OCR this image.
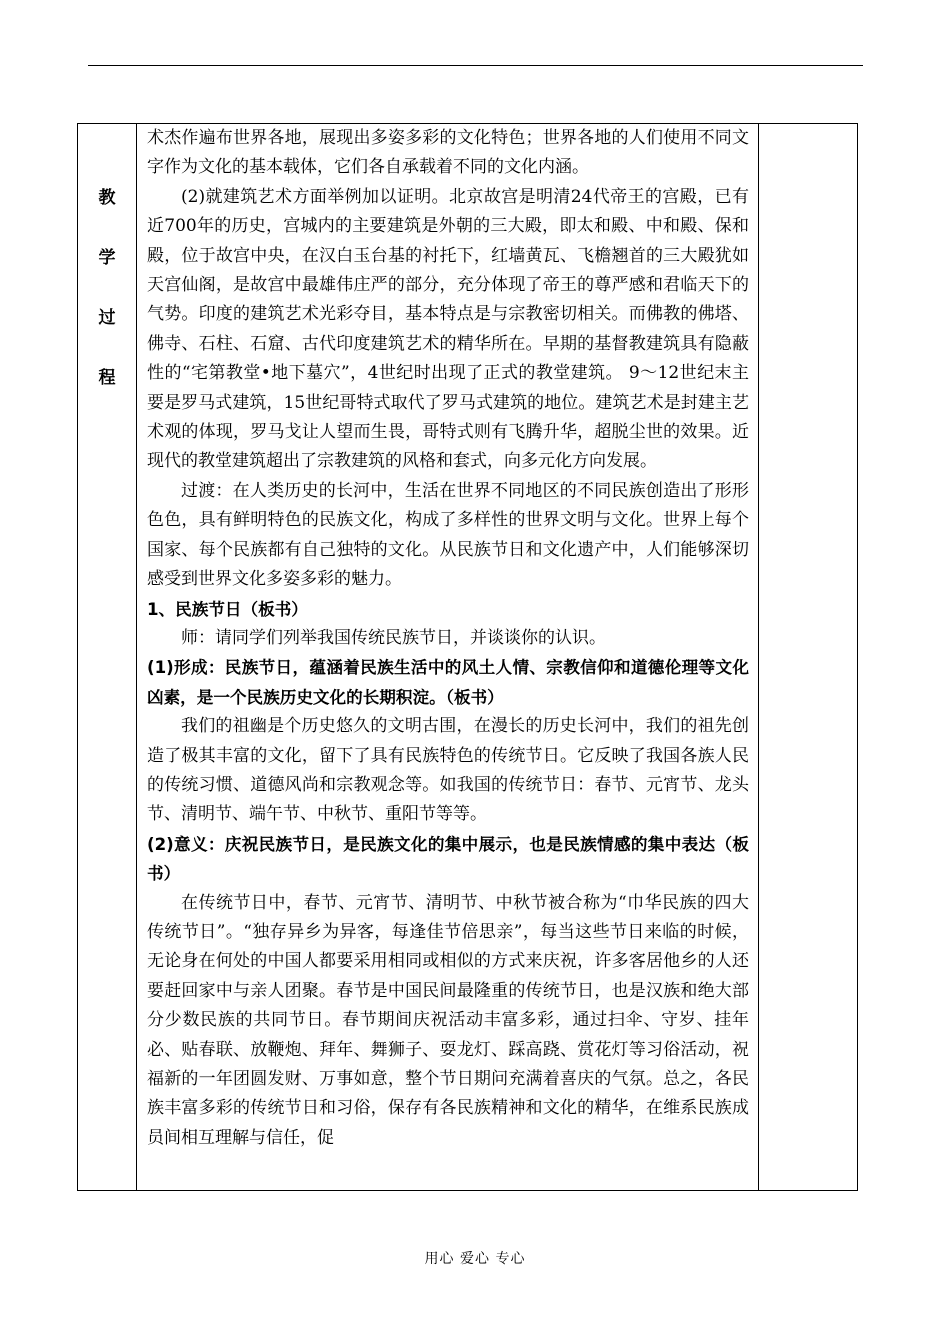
教
学
过
程

术杰作遍布世界各地，展现出多姿多彩的文化特色；世界各地的人们使用不同文字作为文化的基本载体，它们各自承载着不同的文化内涵。

(2)就建筑艺术方面举例加以证明。北京故宫是明清24代帝王的宫殿，已有近700年的历史，宫城内的主要建筑是外朝的三大殿，即太和殿、中和殿、保和殿，位于故宫中央，在汉白玉台基的衬托下，红墙黄瓦、飞檐翘首的三大殿犹如天宫仙阁，是故宫中最雄伟庄严的部分，充分体现了帝王的尊严感和君临天下的气势。印度的建筑艺术光彩夺目，基本特点是与宗教密切相关。而佛教的佛塔、佛寺、石柱、石窟、古代印度建筑艺术的精华所在。早期的基督教建筑具有隐蔽性的“宅第教堂•地下墓穴”，4世纪时出现了正式的教堂建筑。 9～12世纪末主要是罗马式建筑，15世纪哥特式取代了罗马式建筑的地位。建筑艺术是封建主艺术观的体现，罗马戈让人望而生畏，哥特式则有飞腾升华，超脱尘世的效果。近现代的教堂建筑超出了宗教建筑的风格和套式，向多元化方向发展。

过渡：在人类历史的长河中，生活在世界不同地区的不同民族创造出了形形色色，具有鲜明特色的民族文化，构成了多样性的世界文明与文化。世界上每个国家、每个民族都有自己独特的文化。从民族节日和文化遗产中，人们能够深切感受到世界文化多姿多彩的魅力。

1、民族节日（板书）

师：请同学们列举我国传统民族节日，并谈谈你的认识。

(1)形成：民族节日，蕴涵着民族生活中的风土人情、宗教信仰和道德伦理等文化凶素，是一个民族历史文化的长期积淀。（板书）

我们的祖幽是个历史悠久的文明古围，在漫长的历史长河中，我们的祖先创造了极其丰富的文化，留下了具有民族特色的传统节日。它反映了我国各族人民的传统习惯、道德风尚和宗教观念等。如我国的传统节日：春节、元宵节、龙头节、清明节、端午节、中秋节、重阳节等等。

(2)意义：庆祝民族节日，是民族文化的集中展示，也是民族情感的集中表达（板书）

在传统节日中，春节、元宵节、清明节、中秋节被合称为“巾华民族的四大传统节日”。“独存异乡为异客，每逢佳节倍思亲”，每当这些节日来临的时候，无论身在何处的中国人都要采用相同或相似的方式来庆祝，许多客居他乡的人还要赶回家中与亲人团聚。春节是中国民间最隆重的传统节日，也是汉族和绝大部分少数民族的共同节日。春节期间庆祝活动丰富多彩，通过扫伞、守岁、挂年必、贴春联、放鞭炮、拜年、舞狮子、耍龙灯、踩高跷、赏花灯等习俗活动，祝福新的一年团圆发财、万事如意，整个节日期问充满着喜庆的气氛。总之，各民族丰富多彩的传统节日和习俗，保存有各民族精神和文化的精华，在维系民族成员间相互理解与信任，促

用心 爱心 专心
